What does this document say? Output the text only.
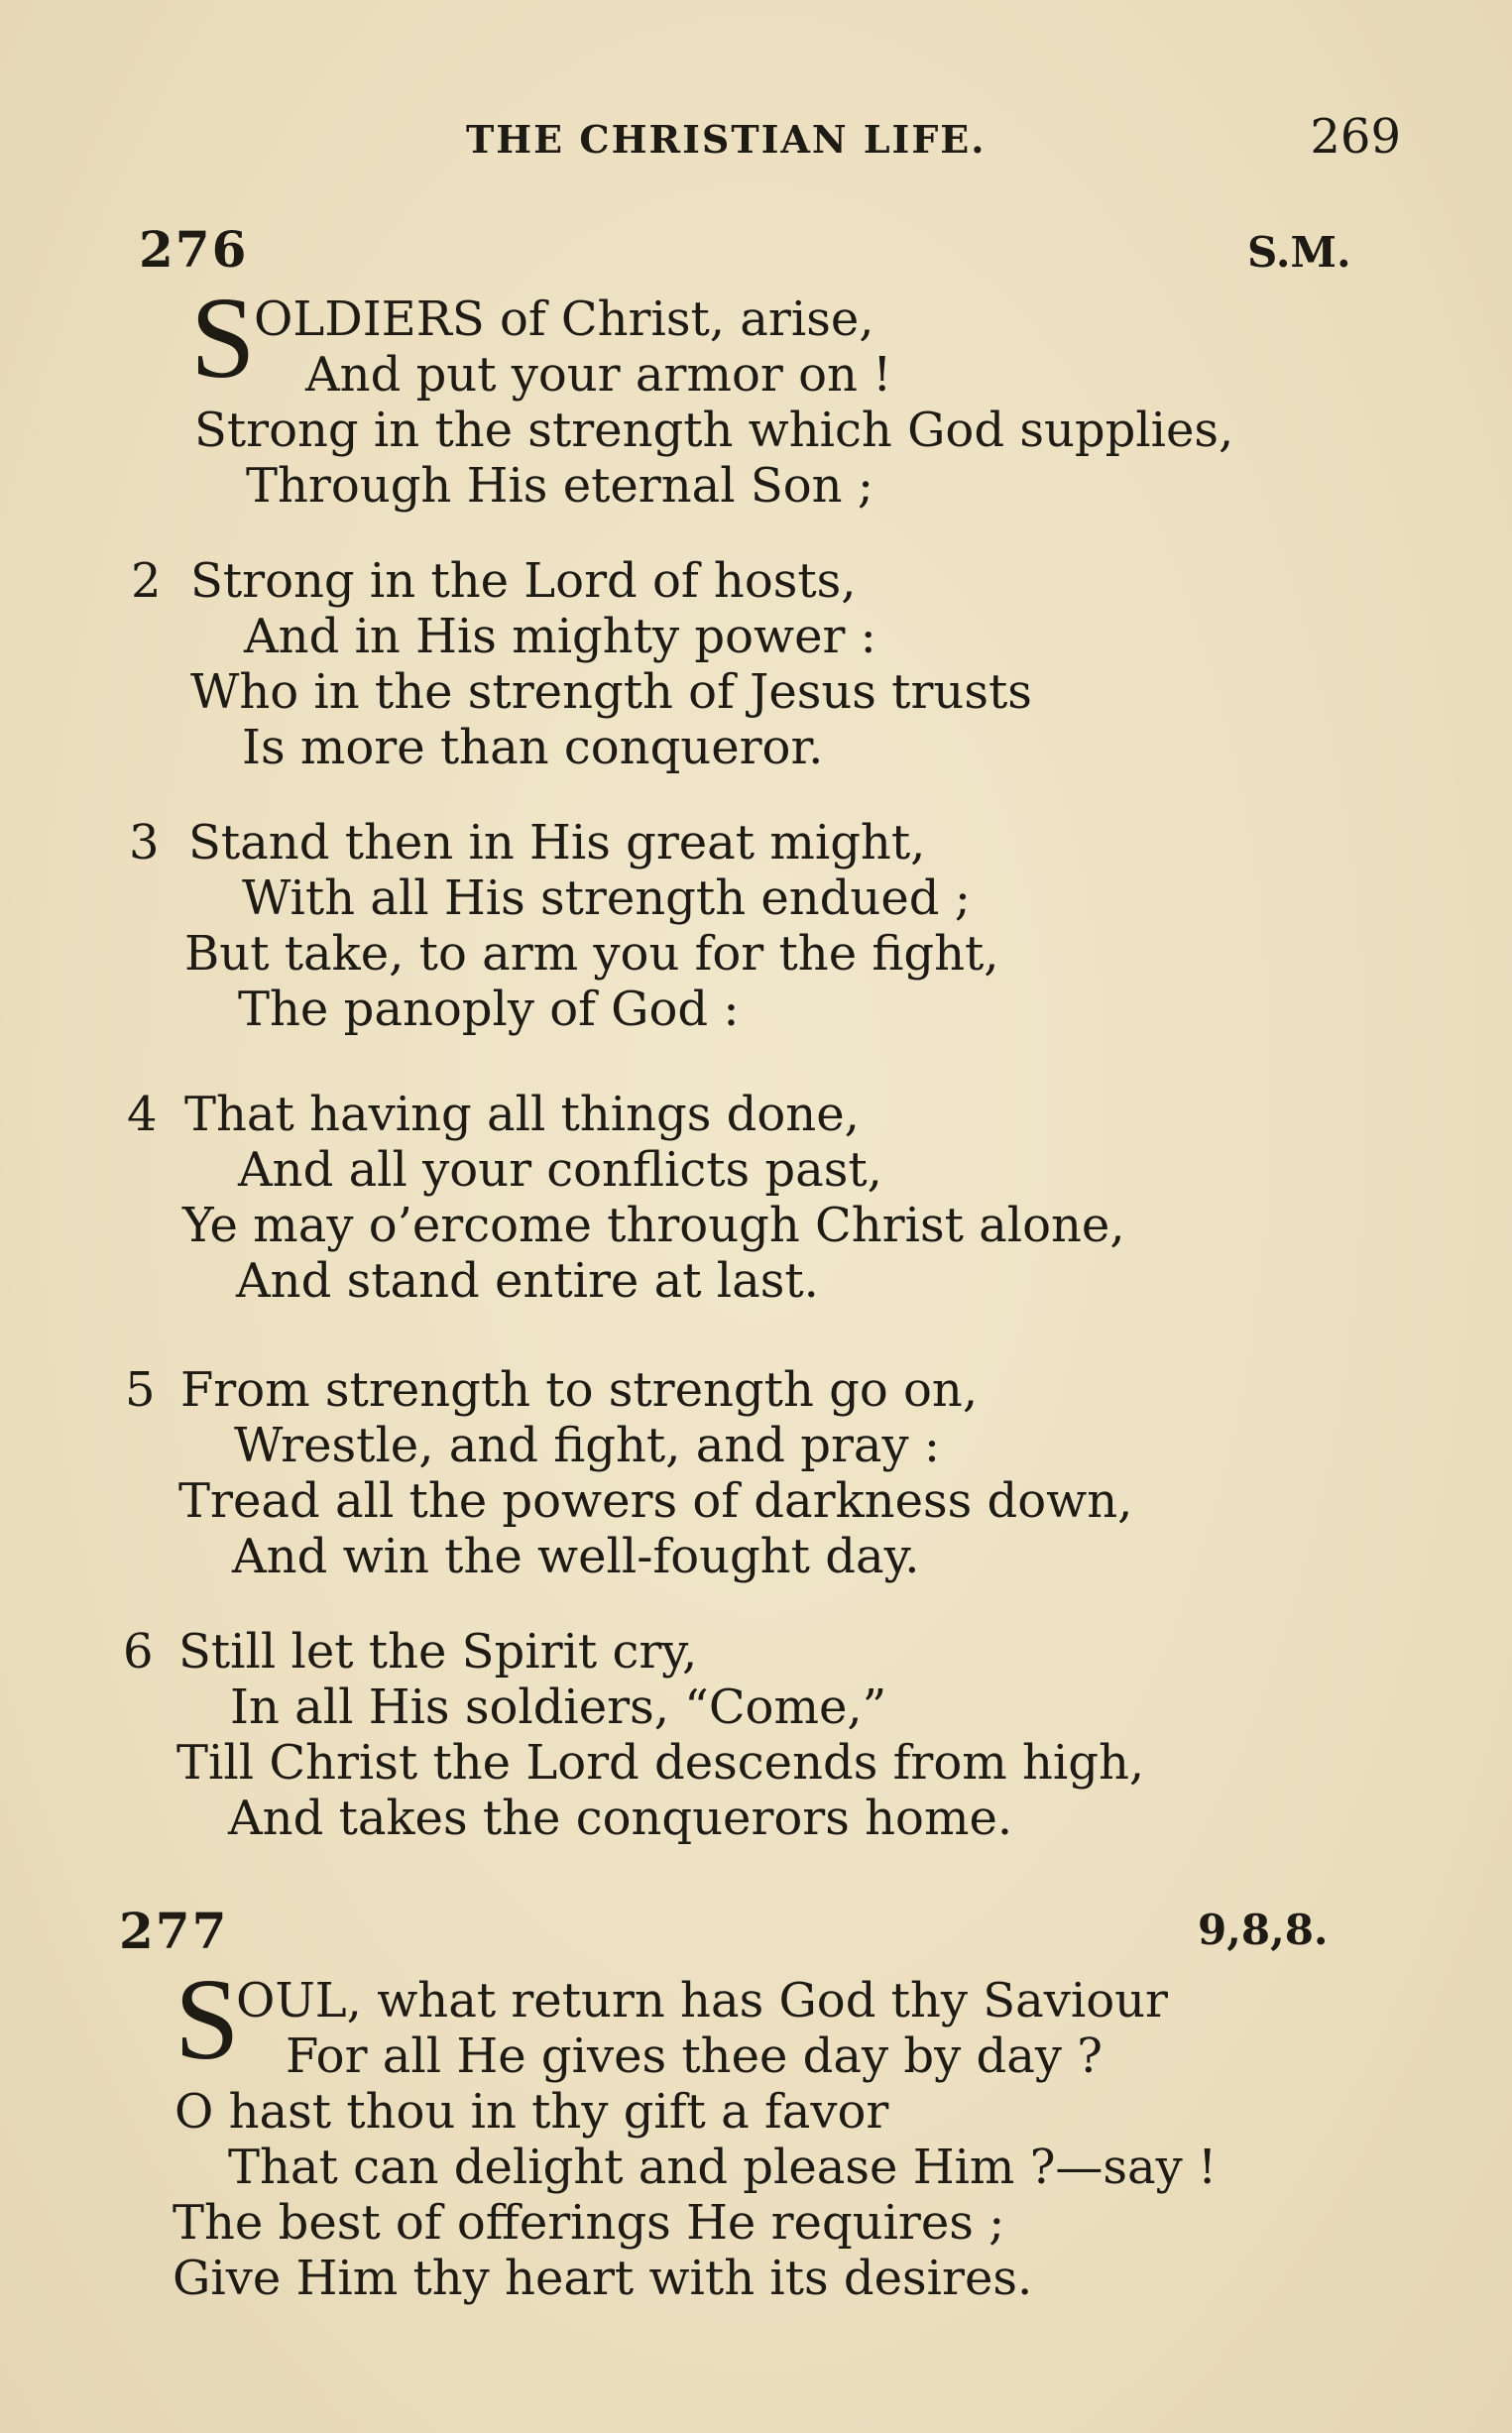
THE CHRISTIAN LIFE.	269
276	S.M.
S
OLDIERS of Christ, arise,
And put your armor on !
Strong in the strength which God supplies,
Through His eternal Son ;
2 Strong in the Lord of hosts,
And in His mighty power :
Who in the strength of Jesus trusts
Is more than conqueror.
3 Stand then in His great might,
With all His strength endued ;
But take, to arm you for the fight,
The panoply of God :
4 That having all things done,
And all your conflicts past,
Ye may o’ercome through Christ alone,
And stand entire at last.
5 From strength to strength go on,
Wrestle, and fight, and pray :
Tread all the powers of darkness down,
And win the well-fought day.
6 Still let the Spirit cry,
In all His soldiers, “Come,”
Till Christ the Lord descends from high,
And takes the conquerors home.
277	9,8,8.
S
OUL, what return has God thy Saviour
For all He gives thee day by day ?
O hast thou in thy gift a favor
That can delight and please Him ?—say !
The best of offerings He requires ;
Give Him thy heart with its desires.
